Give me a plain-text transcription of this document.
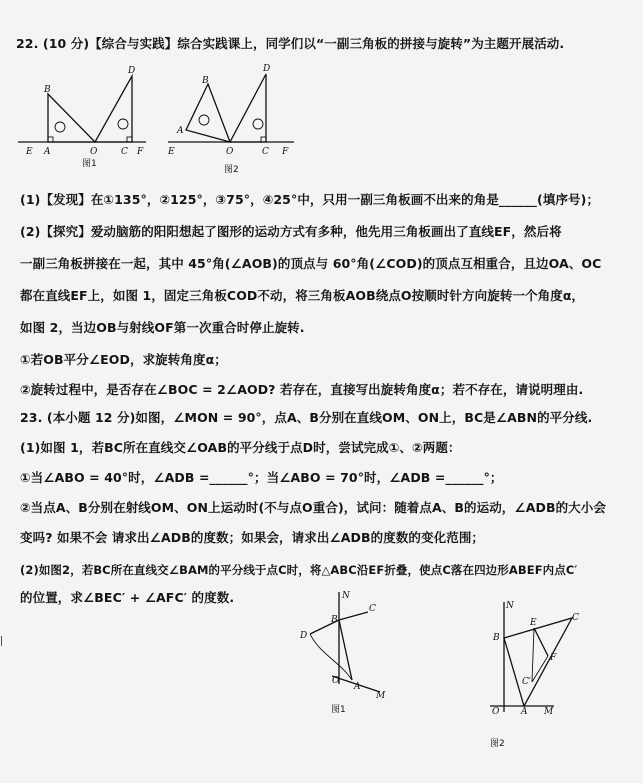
22. (10 分)【综合与实践】综合实践课上，同学们以“一副三角板的拼接与旋转”为主题开展活动.
B
D
E A	O	C F
图1
B
D
A
E	O	C F
图2
(1)【发现】在①135°，②125°，③75°，④25°中，只用一副三角板画不出来的角是______(填序号)；
(2)【探究】爱动脑筋的阳阳想起了图形的运动方式有多种，他先用三角板画出了直线EF，然后将
一副三角板拼接在一起，其中 45°角(∠AOB)的顶点与 60°角(∠COD)的顶点互相重合，且边OA、OC
都在直线EF上，如图 1，固定三角板COD不动，将三角板AOB绕点O按顺时针方向旋转一个角度α，
如图 2，当边OB与射线OF第一次重合时停止旋转.
①若OB平分∠EOD，求旋转角度α；
②旋转过程中，是否存在∠BOC = 2∠AOD? 若存在，直接写出旋转角度α；若不存在，请说明理由.
23. (本小题 12 分)如图，∠MON = 90°，点A、B分别在直线OM、ON上，BC是∠ABN的平分线.
(1)如图 1，若BC所在直线交∠OAB的平分线于点D时，尝试完成①、②两题：
①当∠ABO = 40°时，∠ADB =______°；当∠ABO = 70°时，∠ADB =______°；
②当点A、B分别在射线OM、ON上运动时(不与点O重合)，试问：随着点A、B的运动，∠ADB的大小会
变吗? 如果不会 请求出∠ADB的度数；如果会，请求出∠ADB的度数的变化范围；
(2)如图2，若BC所在直线交∠BAM的平分线于点C时，将△ABC沿EF折叠，使点C落在四边形ABEF内点C′
的位置，求∠BEC′ + ∠AFC′ 的度数.	N
M
O
B
A
C
D
图1
N
M
O
B
A
C
E
F
C′
图2
